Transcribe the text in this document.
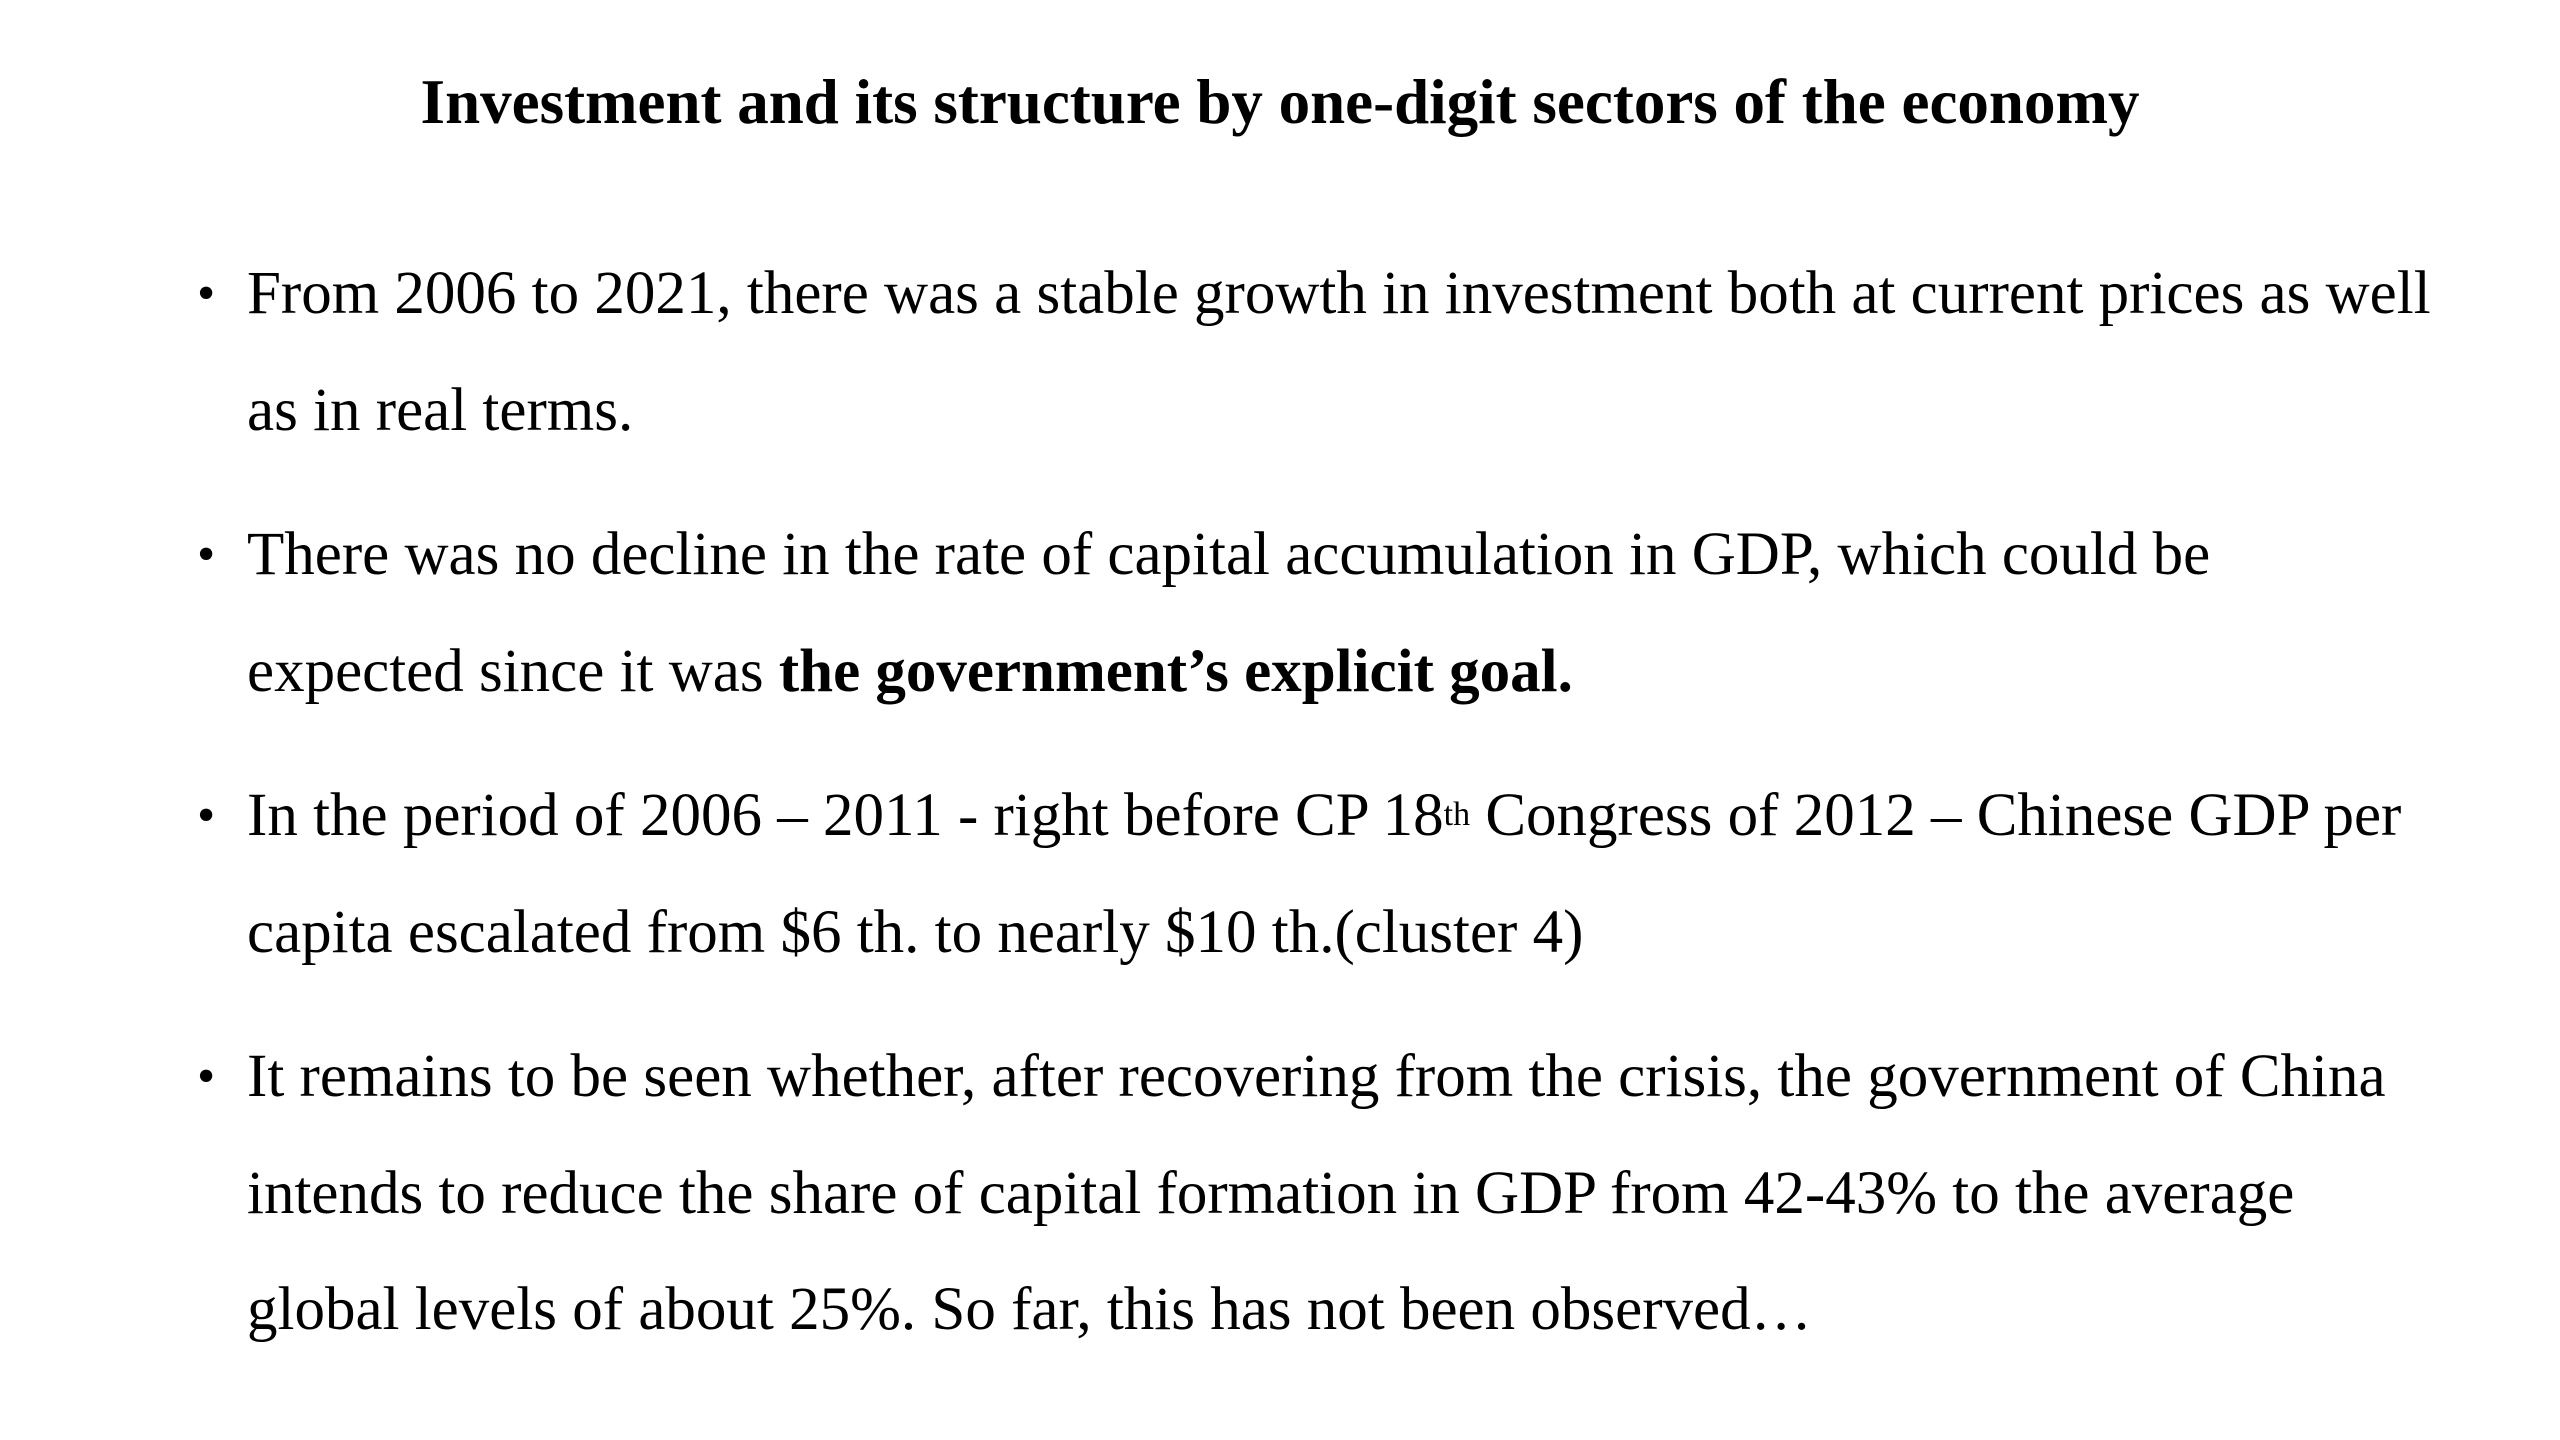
Investment and its structure by one-digit sectors of the economy
• From 2006 to 2021, there was a stable growth in investment both at current prices as well as in real terms.
• There was no decline in the rate of capital accumulation in GDP, which could be expected since it was the government’s explicit goal.
• In the period of 2006 – 2011 - right before CP 18th Congress of 2012 – Chinese GDP per capita escalated from $6 th. to nearly $10 th.(cluster 4)
• It remains to be seen whether, after recovering from the crisis, the government of China intends to reduce the share of capital formation in GDP from 42-43% to the average global levels of about 25%. So far, this has not been observed…
